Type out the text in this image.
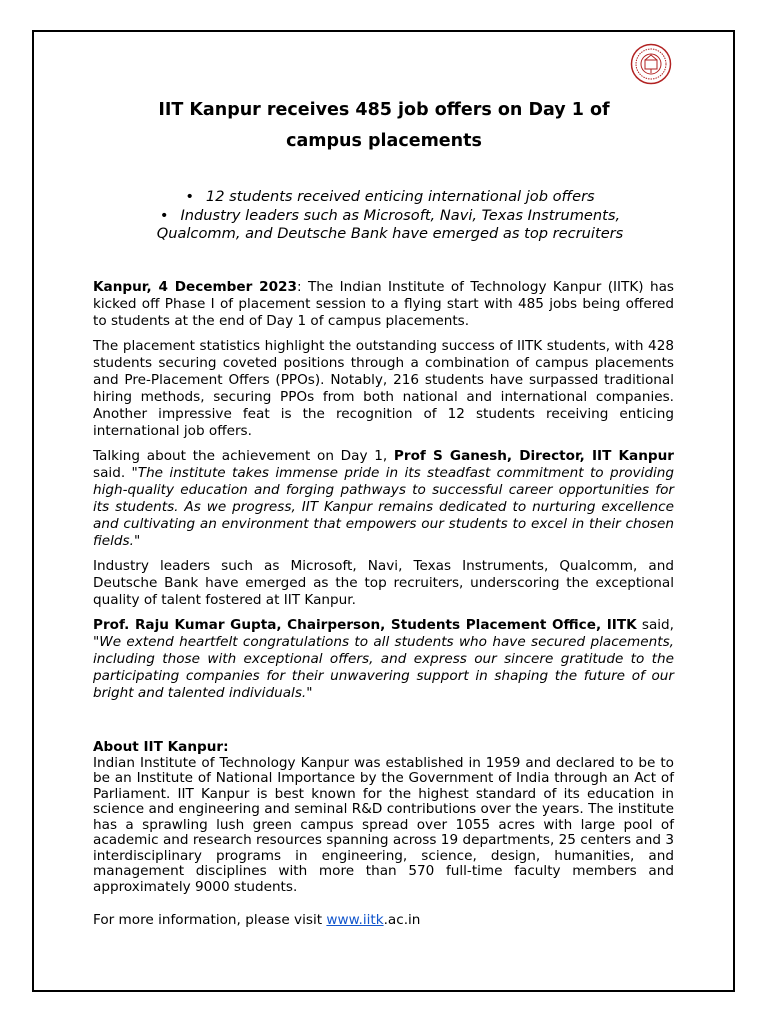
IIT Kanpur receives 485 job offers on Day 1 of
campus placements

• 12 students received enticing international job offers

• Industry leaders such as Microsoft, Navi, Texas Instruments, Qualcomm, and Deutsche Bank have emerged as top recruiters

Kanpur, 4 December 2023: The Indian Institute of Technology Kanpur (IITK) has kicked off Phase I of placement session to a flying start with 485 jobs being offered to students at the end of Day 1 of campus placements.

The placement statistics highlight the outstanding success of IITK students, with 428 students securing coveted positions through a combination of campus placements and Pre-Placement Offers (PPOs). Notably, 216 students have surpassed traditional hiring methods, securing PPOs from both national and international companies. Another impressive feat is the recognition of 12 students receiving enticing international job offers.

Talking about the achievement on Day 1, Prof S Ganesh, Director, IIT Kanpur said. "The institute takes immense pride in its steadfast commitment to providing high-quality education and forging pathways to successful career opportunities for its students. As we progress, IIT Kanpur remains dedicated to nurturing excellence and cultivating an environment that empowers our students to excel in their chosen fields."

Industry leaders such as Microsoft, Navi, Texas Instruments, Qualcomm, and Deutsche Bank have emerged as the top recruiters, underscoring the exceptional quality of talent fostered at IIT Kanpur.

Prof. Raju Kumar Gupta, Chairperson, Students Placement Office, IITK said, "We extend heartfelt congratulations to all students who have secured placements, including those with exceptional offers, and express our sincere gratitude to the participating companies for their unwavering support in shaping the future of our bright and talented individuals."

About IIT Kanpur:
Indian Institute of Technology Kanpur was established in 1959 and declared to be to be an Institute of National Importance by the Government of India through an Act of Parliament. IIT Kanpur is best known for the highest standard of its education in science and engineering and seminal R&D contributions over the years. The institute has a sprawling lush green campus spread over 1055 acres with large pool of academic and research resources spanning across 19 departments, 25 centers and 3 interdisciplinary programs in engineering, science, design, humanities, and management disciplines with more than 570 full-time faculty members and approximately 9000 students.
For more information, please visit www.iitk.ac.in
